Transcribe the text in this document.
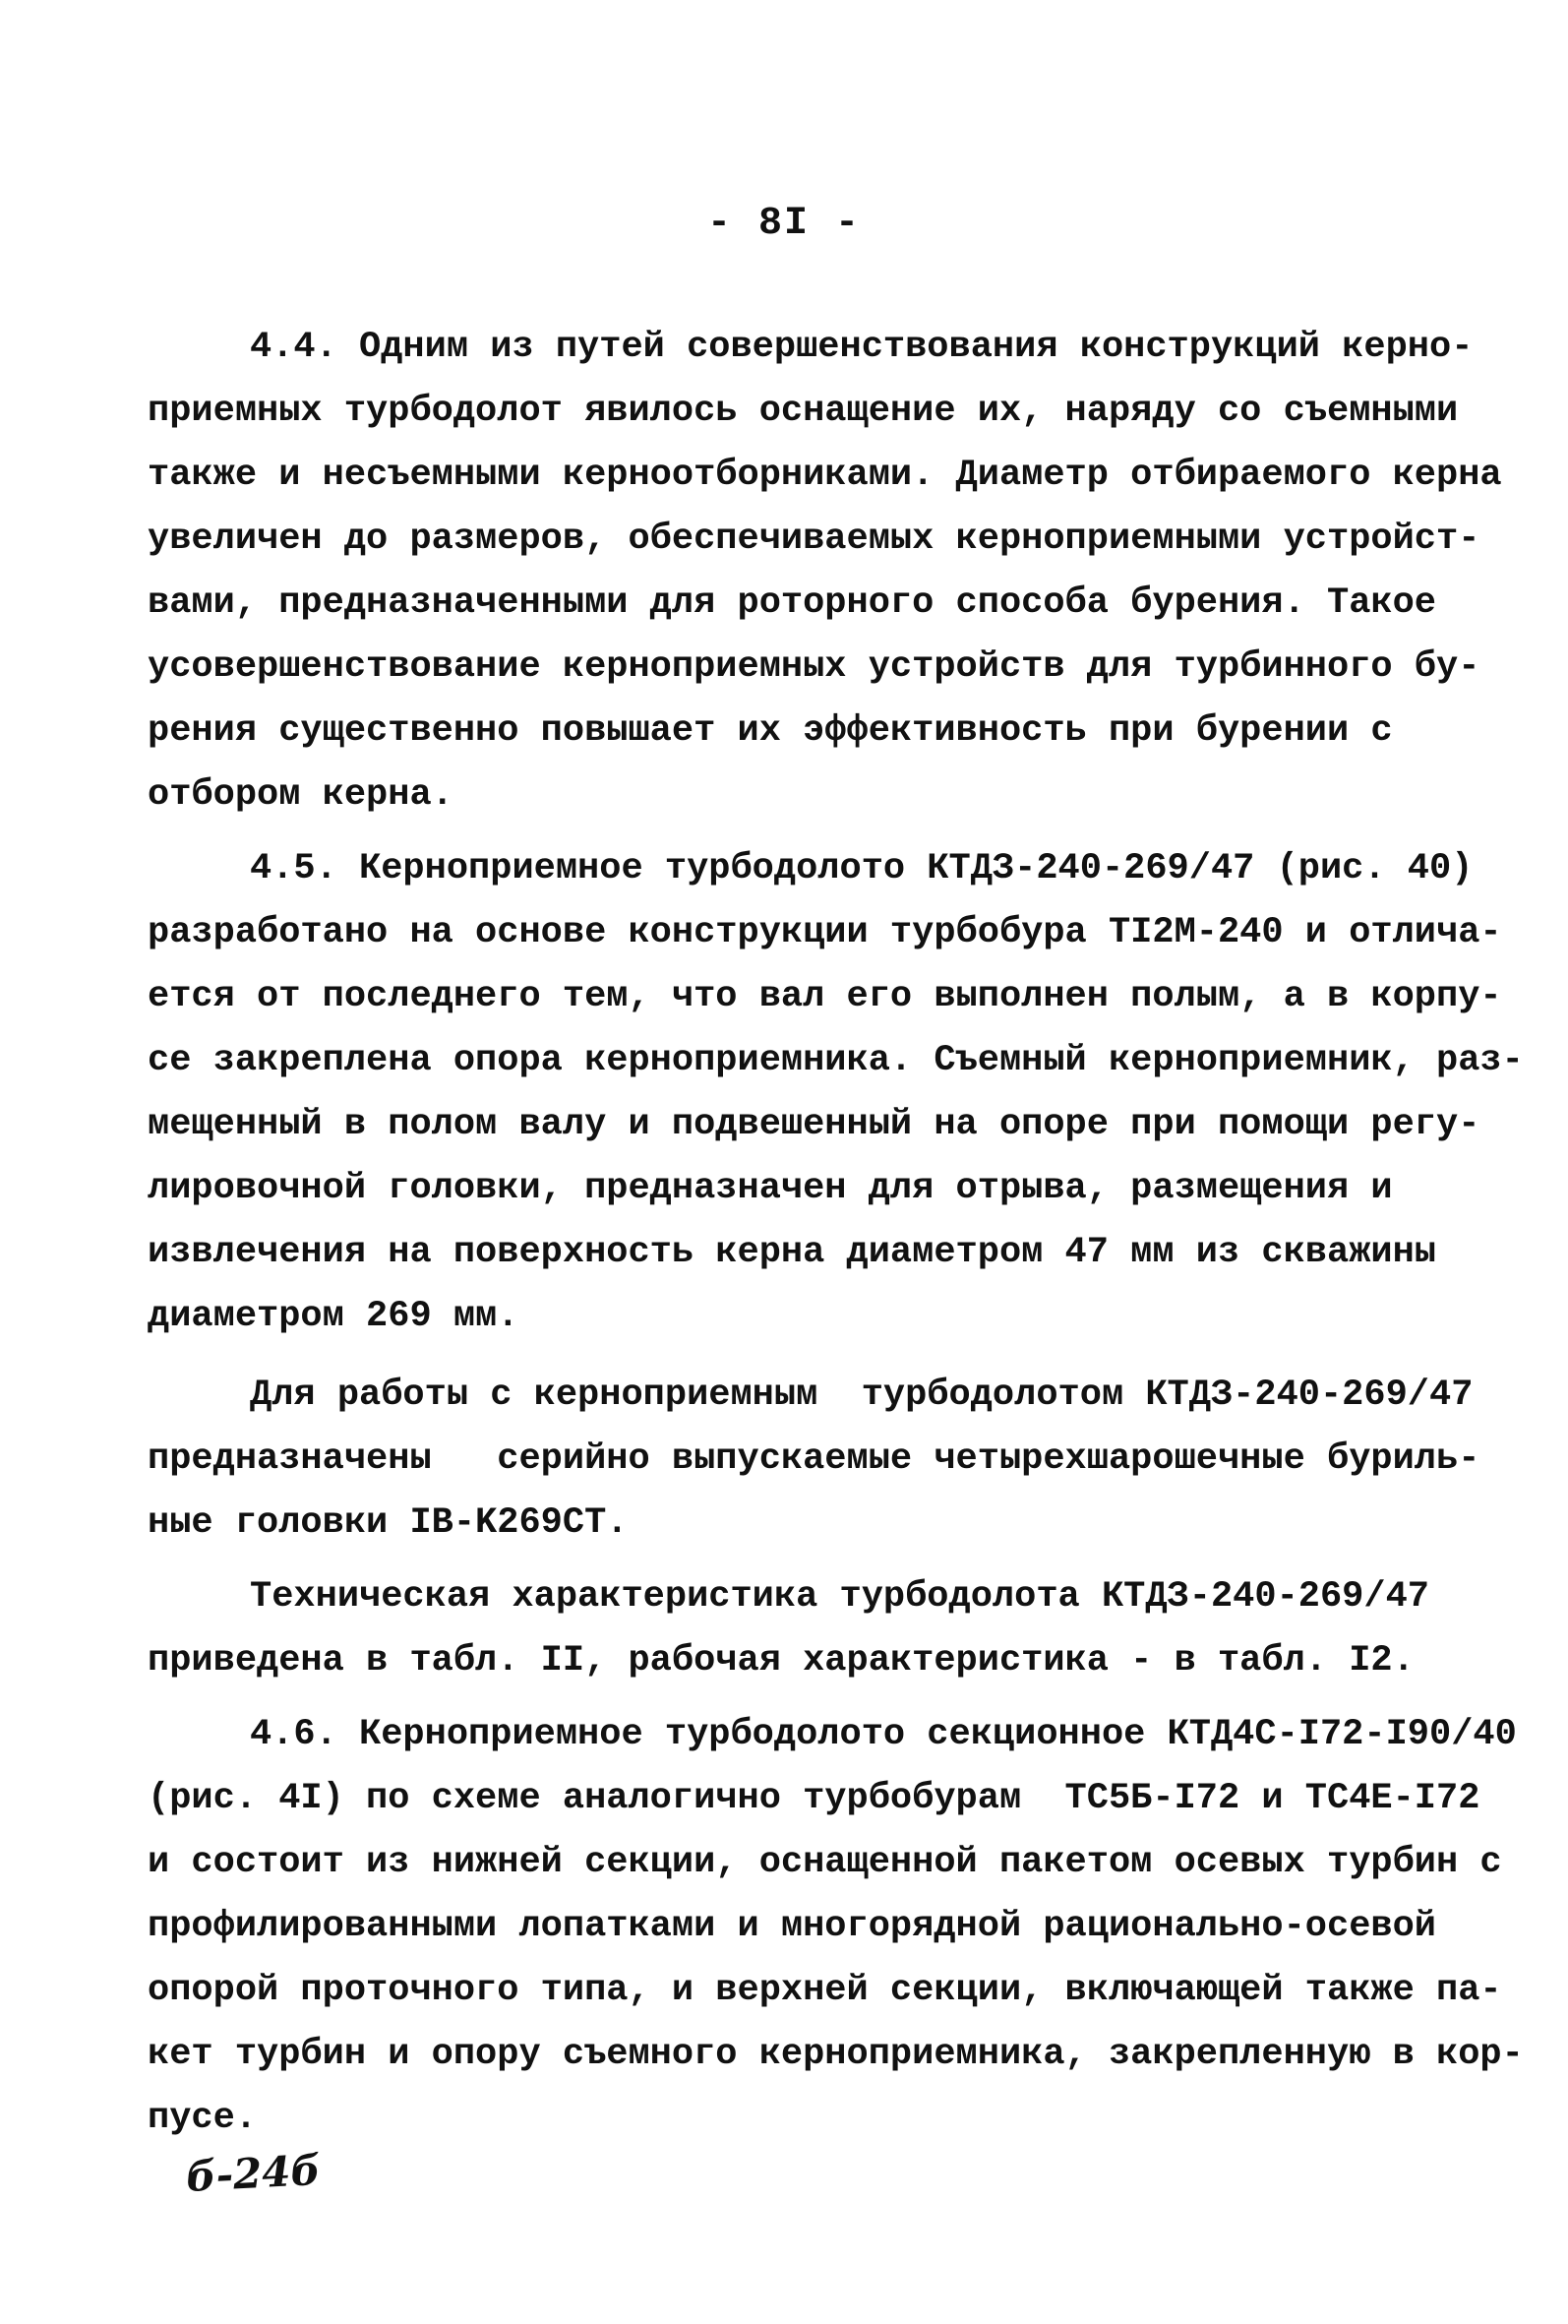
- 8I -
4.4. Одним из путей совершенствования конструкций керно-
приемных турбодолот явилось оснащение их, наряду со съемными
также и несъемными керноотборниками. Диаметр отбираемого керна
увеличен до размеров, обеспечиваемых керноприемными устройст-
вами, предназначенными для роторного способа бурения. Такое
усовершенствование керноприемных устройств для турбинного бу-
рения существенно повышает их эффективность при бурении с
отбором керна.
4.5. Керноприемное турбодолото КТДЗ-240-269/47 (рис. 40)
разработано на основе конструкции турбобура TI2M-240 и отлича-
ется от последнего тем, что вал его выполнен полым, а в корпу-
се закреплена опора керноприемника. Съемный керноприемник, раз-
мещенный в полом валу и подвешенный на опоре при помощи регу-
лировочной головки, предназначен для отрыва, размещения и
извлечения на поверхность керна диаметром 47 мм из скважины
диаметром 269 мм.
Для работы с керноприемным  турбодолотом КТДЗ-240-269/47
предназначены   серийно выпускаемые четырехшарошечные буриль-
ные головки IB-K269CT.
Техническая характеристика турбодолота КТДЗ-240-269/47
приведена в табл. II, рабочая характеристика - в табл. I2.
4.6. Керноприемное турбодолото секционное КТД4С-I72-I90/40
(рис. 4I) по схеме аналогично турбобурам  ТС5Б-I72 и ТС4Е-I72
и состоит из нижней секции, оснащенной пакетом осевых турбин с
профилированными лопатками и многорядной рационально-осевой
опорой проточного типа, и верхней секции, включающей также па-
кет турбин и опору съемного керноприемника, закрепленную в кор-
пусе.
б-24б
